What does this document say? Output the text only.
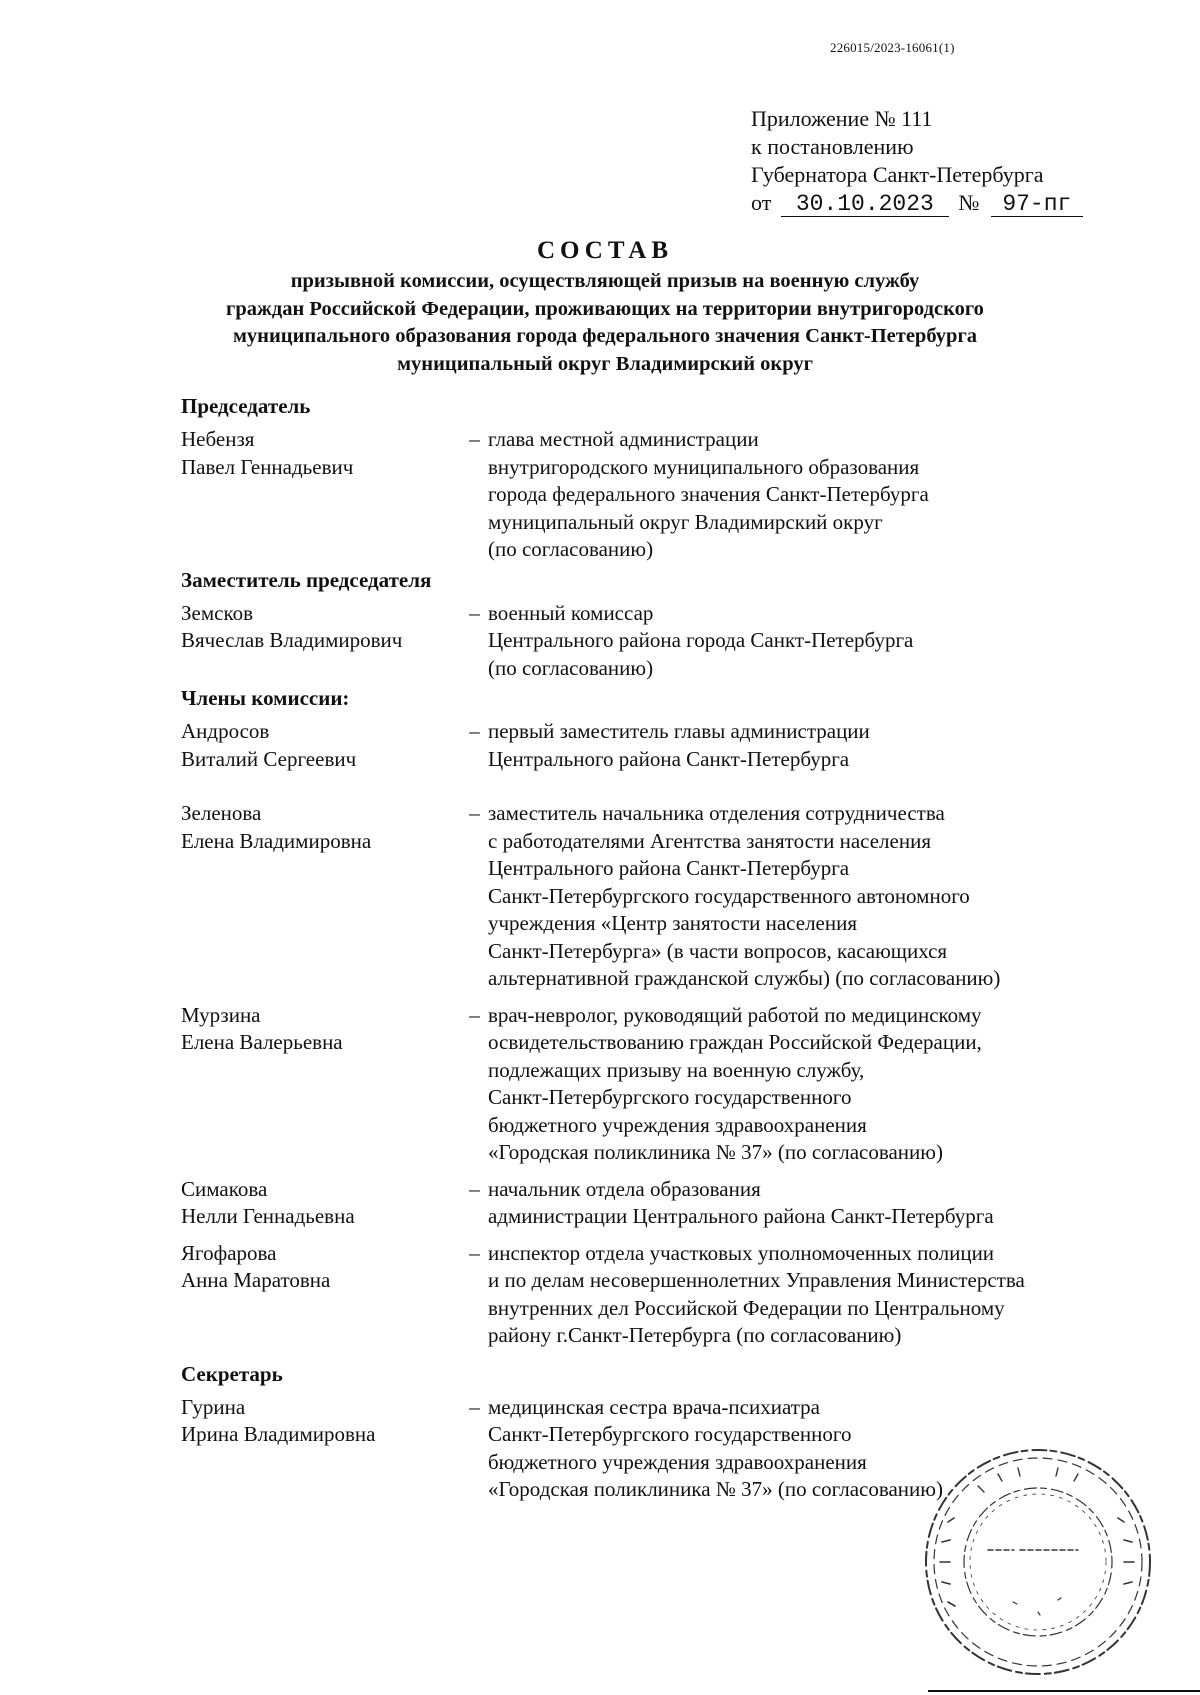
226015/2023-16061(1)
Приложение № 111
к постановлению
Губернатора Санкт-Петербурга
от 30.10.2023 № 97-пг
СОСТАВ
призывной комиссии, осуществляющей призыв на военную службу
граждан Российской Федерации, проживающих на территории внутригородского
муниципального образования города федерального значения Санкт-Петербурга
муниципальный округ Владимирский округ
Председатель
Небензя
Павел Геннадьевич
– глава местной администрации
внутригородского муниципального образования
города федерального значения Санкт-Петербурга
муниципальный округ Владимирский округ
(по согласованию)
Заместитель председателя
Земсков
Вячеслав Владимирович
– военный комиссар
Центрального района города Санкт-Петербурга
(по согласованию)
Члены комиссии:
Андросов
Виталий Сергеевич
– первый заместитель главы администрации
Центрального района Санкт-Петербурга
Зеленова
Елена Владимировна
– заместитель начальника отделения сотрудничества
с работодателями Агентства занятости населения
Центрального района Санкт-Петербурга
Санкт-Петербургского государственного автономного
учреждения «Центр занятости населения
Санкт-Петербурга» (в части вопросов, касающихся
альтернативной гражданской службы) (по согласованию)
Мурзина
Елена Валерьевна
– врач-невролог, руководящий работой по медицинскому
освидетельствованию граждан Российской Федерации,
подлежащих призыву на военную службу,
Санкт-Петербургского государственного
бюджетного учреждения здравоохранения
«Городская поликлиника № 37» (по согласованию)
Симакова
Нелли Геннадьевна
– начальник отдела образования
администрации Центрального района Санкт-Петербурга
Ягофарова
Анна Маратовна
– инспектор отдела участковых уполномоченных полиции
и по делам несовершеннолетних Управления Министерства
внутренних дел Российской Федерации по Центральному
району г.Санкт-Петербурга (по согласованию)
Секретарь
Гурина
Ирина Владимировна
– медицинская сестра врача-психиатра
Санкт-Петербургского государственного
бюджетного учреждения здравоохранения
«Городская поликлиника № 37» (по согласованию)
